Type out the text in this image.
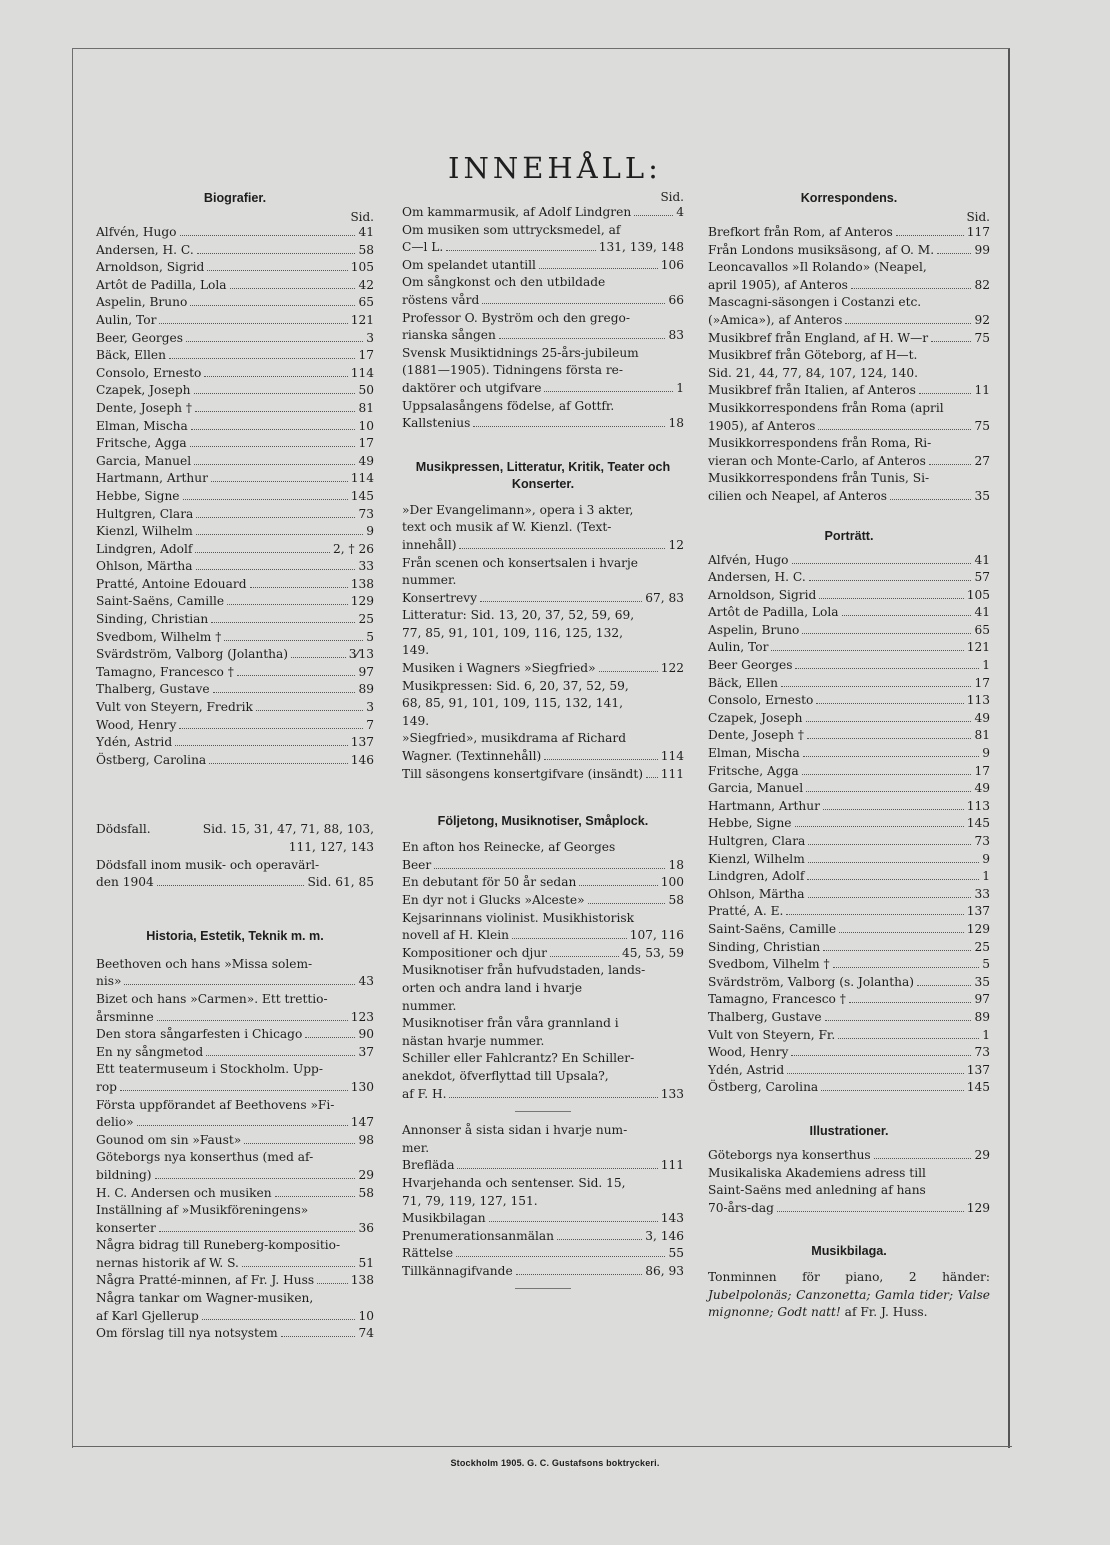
INNEHÅLL:
Biografier.
Sid.
Alfvén, Hugo	41
Andersen, H. C.	58
Arnoldson, Sigrid	105
Artôt de Padilla, Lola	42
Aspelin, Bruno	65
Aulin, Tor	121
Beer, Georges	3
Bäck, Ellen	17
Consolo, Ernesto	114
Czapek, Joseph	50
Dente, Joseph †	81
Elman, Mischa	10
Fritsche, Agga	17
Garcia, Manuel	49
Hartmann, Arthur	114
Hebbe, Signe	145
Hultgren, Clara	73
Kienzl, Wilhelm	9
Lindgren, Adolf	2, † 26
Ohlson, Märtha	33
Pratté, Antoine Edouard	138
Saint-Saëns, Camille	129
Sinding, Christian	25
Svedbom, Wilhelm †	5
Svärdström, Valborg (Jolantha)	3⁄13
Tamagno, Francesco †	97
Thalberg, Gustave	89
Vult von Steyern, Fredrik	3
Wood, Henry	7
Ydén, Astrid	137
Östberg, Carolina	146
Dödsfall.	Sid. 15, 31, 47, 71, 88, 103,
111, 127, 143
Dödsfall inom musik- och operavärl-
den 1904	Sid. 61, 85
Historia, Estetik, Teknik m. m.
Beethoven och hans »Missa solem-
nis»	43
Bizet och hans »Carmen». Ett trettio-
årsminne	123
Den stora sångarfesten i Chicago	90
En ny sångmetod	37
Ett teatermuseum i Stockholm. Upp-
rop	130
Första uppförandet af Beethovens »Fi-
delio»	147
Gounod om sin »Faust»	98
Göteborgs nya konserthus (med af-
bildning)	29
H. C. Andersen och musiken	58
Inställning af »Musikföreningens»
konserter	36
Några bidrag till Runeberg-kompositio-
nernas historik af W. S.	51
Några Pratté-minnen, af Fr. J. Huss	138
Några tankar om Wagner-musiken,
af Karl Gjellerup	10
Om förslag till nya notsystem	74
Sid.
Om kammarmusik, af Adolf Lindgren	4
Om musiken som uttrycksmedel, af
C—l L.	131, 139, 148
Om spelandet utantill	106
Om sångkonst och den utbildade
röstens vård	66
Professor O. Byström och den grego-
rianska sången	83
Svensk Musiktidnings 25-års-jubileum
(1881—1905). Tidningens första re-
daktörer och utgifvare	1
Uppsalasångens födelse, af Gottfr.
Kallstenius	18
Musikpressen, Litteratur, Kritik, Teater och Konserter.
»Der Evangelimann», opera i 3 akter,
text och musik af W. Kienzl. (Text-
innehåll)	12
Från scenen och konsertsalen i hvarje
nummer.
Konsertrevy	67, 83
Litteratur: Sid. 13, 20, 37, 52, 59, 69,
77, 85, 91, 101, 109, 116, 125, 132,
149.
Musiken i Wagners »Siegfried»	122
Musikpressen: Sid. 6, 20, 37, 52, 59,
68, 85, 91, 101, 109, 115, 132, 141,
149.
»Siegfried», musikdrama af Richard
Wagner. (Textinnehåll)	114
Till säsongens konsertgifvare (insändt) 111
Följetong, Musiknotiser, Småplock.
En afton hos Reinecke, af Georges
Beer	18
En debutant för 50 år sedan	100
En dyr not i Glucks »Alceste»	58
Kejsarinnans violinist. Musikhistorisk
novell af H. Klein	107, 116
Kompositioner och djur	45, 53, 59
Musiknotiser från hufvudstaden, lands-
orten och andra land i hvarje
nummer.
Musiknotiser från våra grannland i
nästan hvarje nummer.
Schiller eller Fahlcrantz? En Schiller-
anekdot, öfverflyttad till Upsala?,
af F. H.	133
Annonser å sista sidan i hvarje num-
mer.
Brefläda	111
Hvarjehanda och sentenser. Sid. 15,
71, 79, 119, 127, 151.
Musikbilagan	143
Prenumerationsanmälan	3, 146
Rättelse	55
Tillkännagifvande	86, 93
Korrespondens.
Sid.
Brefkort från Rom, af Anteros	117
Från Londons musiksäsong, af O. M.	99
Leoncavallos »Il Rolando» (Neapel,
april 1905), af Anteros	82
Mascagni-säsongen i Costanzi etc.
(»Amica»), af Anteros	92
Musikbref från England, af H. W—r	75
Musikbref från Göteborg, af H—t.
Sid. 21, 44, 77, 84, 107, 124, 140.
Musikbref från Italien, af Anteros	11
Musikkorrespondens från Roma (april
1905), af Anteros	75
Musikkorrespondens från Roma, Ri-
vieran och Monte-Carlo, af Anteros	27
Musikkorrespondens från Tunis, Si-
cilien och Neapel, af Anteros	35
Porträtt.
Alfvén, Hugo	41
Andersen, H. C.	57
Arnoldson, Sigrid	105
Artôt de Padilla, Lola	41
Aspelin, Bruno	65
Aulin, Tor	121
Beer Georges	1
Bäck, Ellen	17
Consolo, Ernesto	113
Czapek, Joseph	49
Dente, Joseph †	81
Elman, Mischa	9
Fritsche, Agga	17
Garcia, Manuel	49
Hartmann, Arthur	113
Hebbe, Signe	145
Hultgren, Clara	73
Kienzl, Wilhelm	9
Lindgren, Adolf	1
Ohlson, Märtha	33
Pratté, A. E.	137
Saint-Saëns, Camille	129
Sinding, Christian	25
Svedbom, Vilhelm †	5
Svärdström, Valborg (s. Jolantha)	35
Tamagno, Francesco †	97
Thalberg, Gustave	89
Vult von Steyern, Fr.	1
Wood, Henry	73
Ydén, Astrid	137
Östberg, Carolina	145
Illustrationer.
Göteborgs nya konserthus	29
Musikaliska Akademiens adress till
Saint-Saëns med anledning af hans
70-års-dag	129
Musikbilaga.
Tonminnen för piano, 2 händer: Jubelpolonäs; Canzonetta; Gamla tider; Valse mignonne; Godt natt! af Fr. J. Huss.
Stockholm 1905. G. C. Gustafsons boktryckeri.
